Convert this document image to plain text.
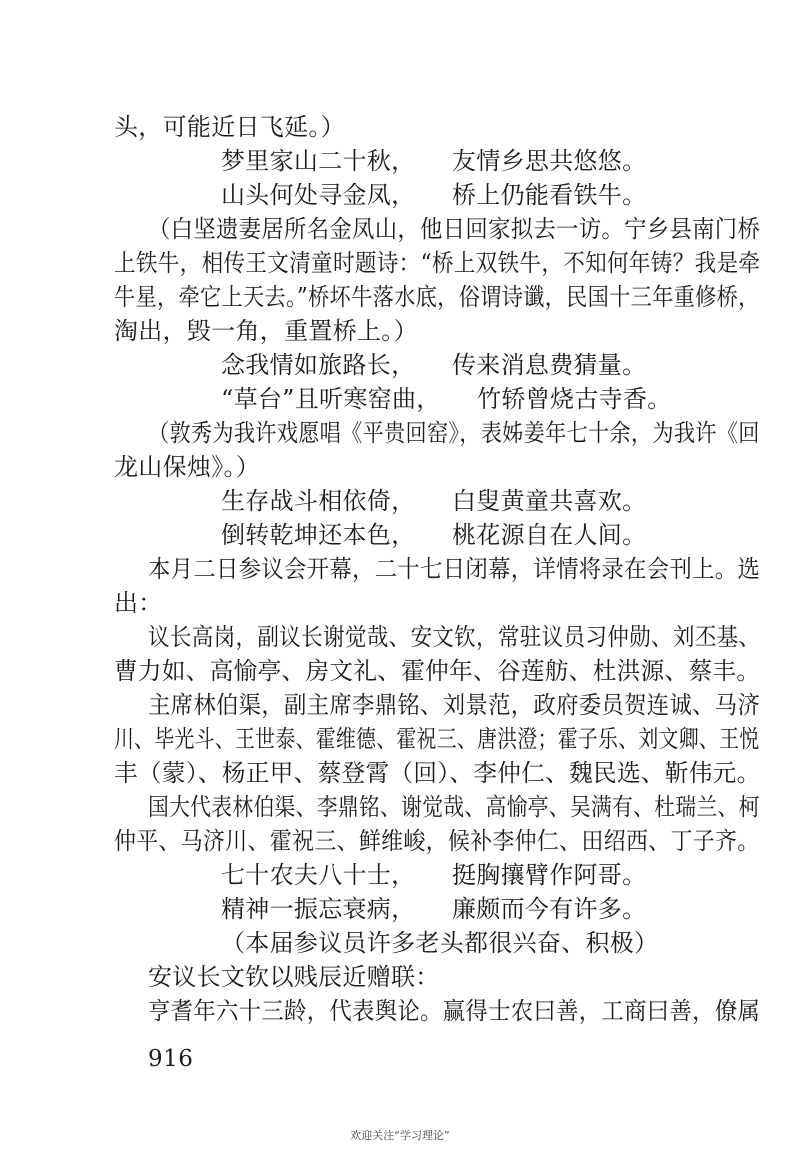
头，可能近日飞延。）
梦里家山二十秋，　　友情乡思共悠悠。
山头何处寻金凤，　　桥上仍能看铁牛。
（白坚遗妻居所名金凤山，他日回家拟去一访。宁乡县南门桥
上铁牛，相传王文清童时题诗：“桥上双铁牛，不知何年铸？我是牵
牛星，牵它上天去。”桥坏牛落水底，俗谓诗谶，民国十三年重修桥，
淘出，毁一角，重置桥上。）
念我情如旅路长，　　传来消息费猜量。
“草台”且听寒窑曲，　　竹轿曾烧古寺香。
（敦秀为我许戏愿唱《平贵回窑》，表姊姜年七十余，为我许《回
龙山保烛》。）
生存战斗相依倚，　　白叟黄童共喜欢。
倒转乾坤还本色，　　桃花源自在人间。
本月二日参议会开幕，二十七日闭幕，详情将录在会刊上。选
出：
议长高岗，副议长谢觉哉、安文钦，常驻议员习仲勋、刘丕基、
曹力如、高愉亭、房文礼、霍仲年、谷莲舫、杜洪源、蔡丰。
主席林伯渠，副主席李鼎铭、刘景范，政府委员贺连诚、马济
川、毕光斗、王世泰、霍维德、霍祝三、唐洪澄；霍子乐、刘文卿、王悦
丰（蒙）、杨正甲、蔡登霄（回）、李仲仁、魏民选、靳伟元。
国大代表林伯渠、李鼎铭、谢觉哉、高愉亭、吴满有、杜瑞兰、柯
仲平、马济川、霍祝三、鲜维峻，候补李仲仁、田绍西、丁子齐。
七十农夫八十士，　　挺胸攘臂作阿哥。
精神一振忘衰病，　　廉颇而今有许多。
（本届参议员许多老头都很兴奋、积极）
安议长文钦以贱辰近赠联：
亨耆年六十三龄，代表舆论。赢得士农曰善，工商曰善，僚属
欢迎关注“学习理论”
916
